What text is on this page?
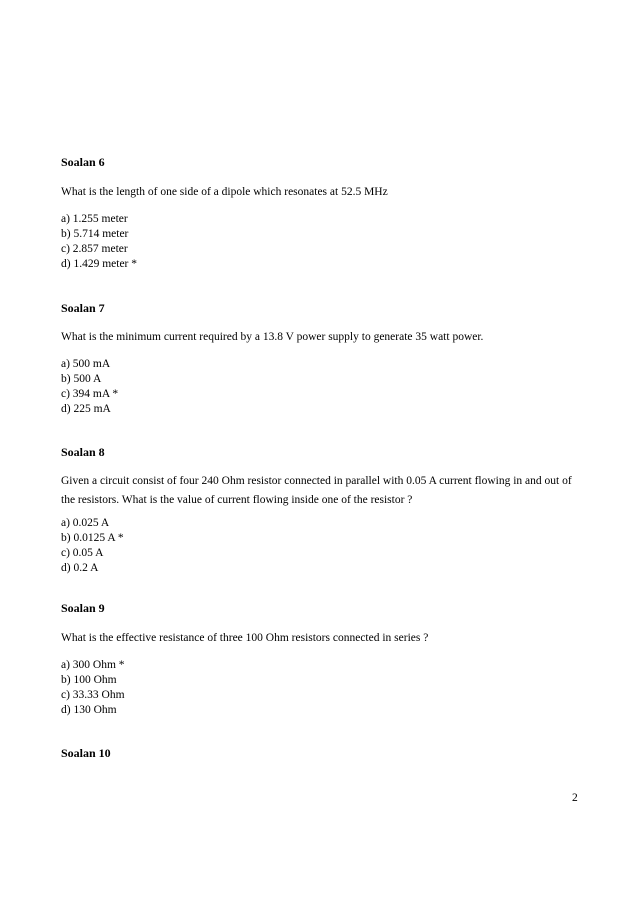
Soalan 6

What is the length of one side of a dipole which resonates at 52.5 MHz

a) 1.255 meter
b) 5.714 meter
c) 2.857 meter
d) 1.429 meter *
Soalan 7

What is the minimum current required by a 13.8 V power supply to generate 35 watt power.

a) 500 mA
b) 500 A
c) 394 mA *
d) 225 mA
Soalan 8

Given a circuit consist of four 240 Ohm resistor connected in parallel with 0.05 A current flowing in and out of the resistors. What is the value of current flowing inside one of the resistor ?

a) 0.025 A
b) 0.0125 A *
c) 0.05 A
d) 0.2 A
Soalan 9

What is the effective resistance of three 100 Ohm resistors connected in series ?

a) 300 Ohm *
b) 100 Ohm
c) 33.33 Ohm
d) 130 Ohm
Soalan 10
2
